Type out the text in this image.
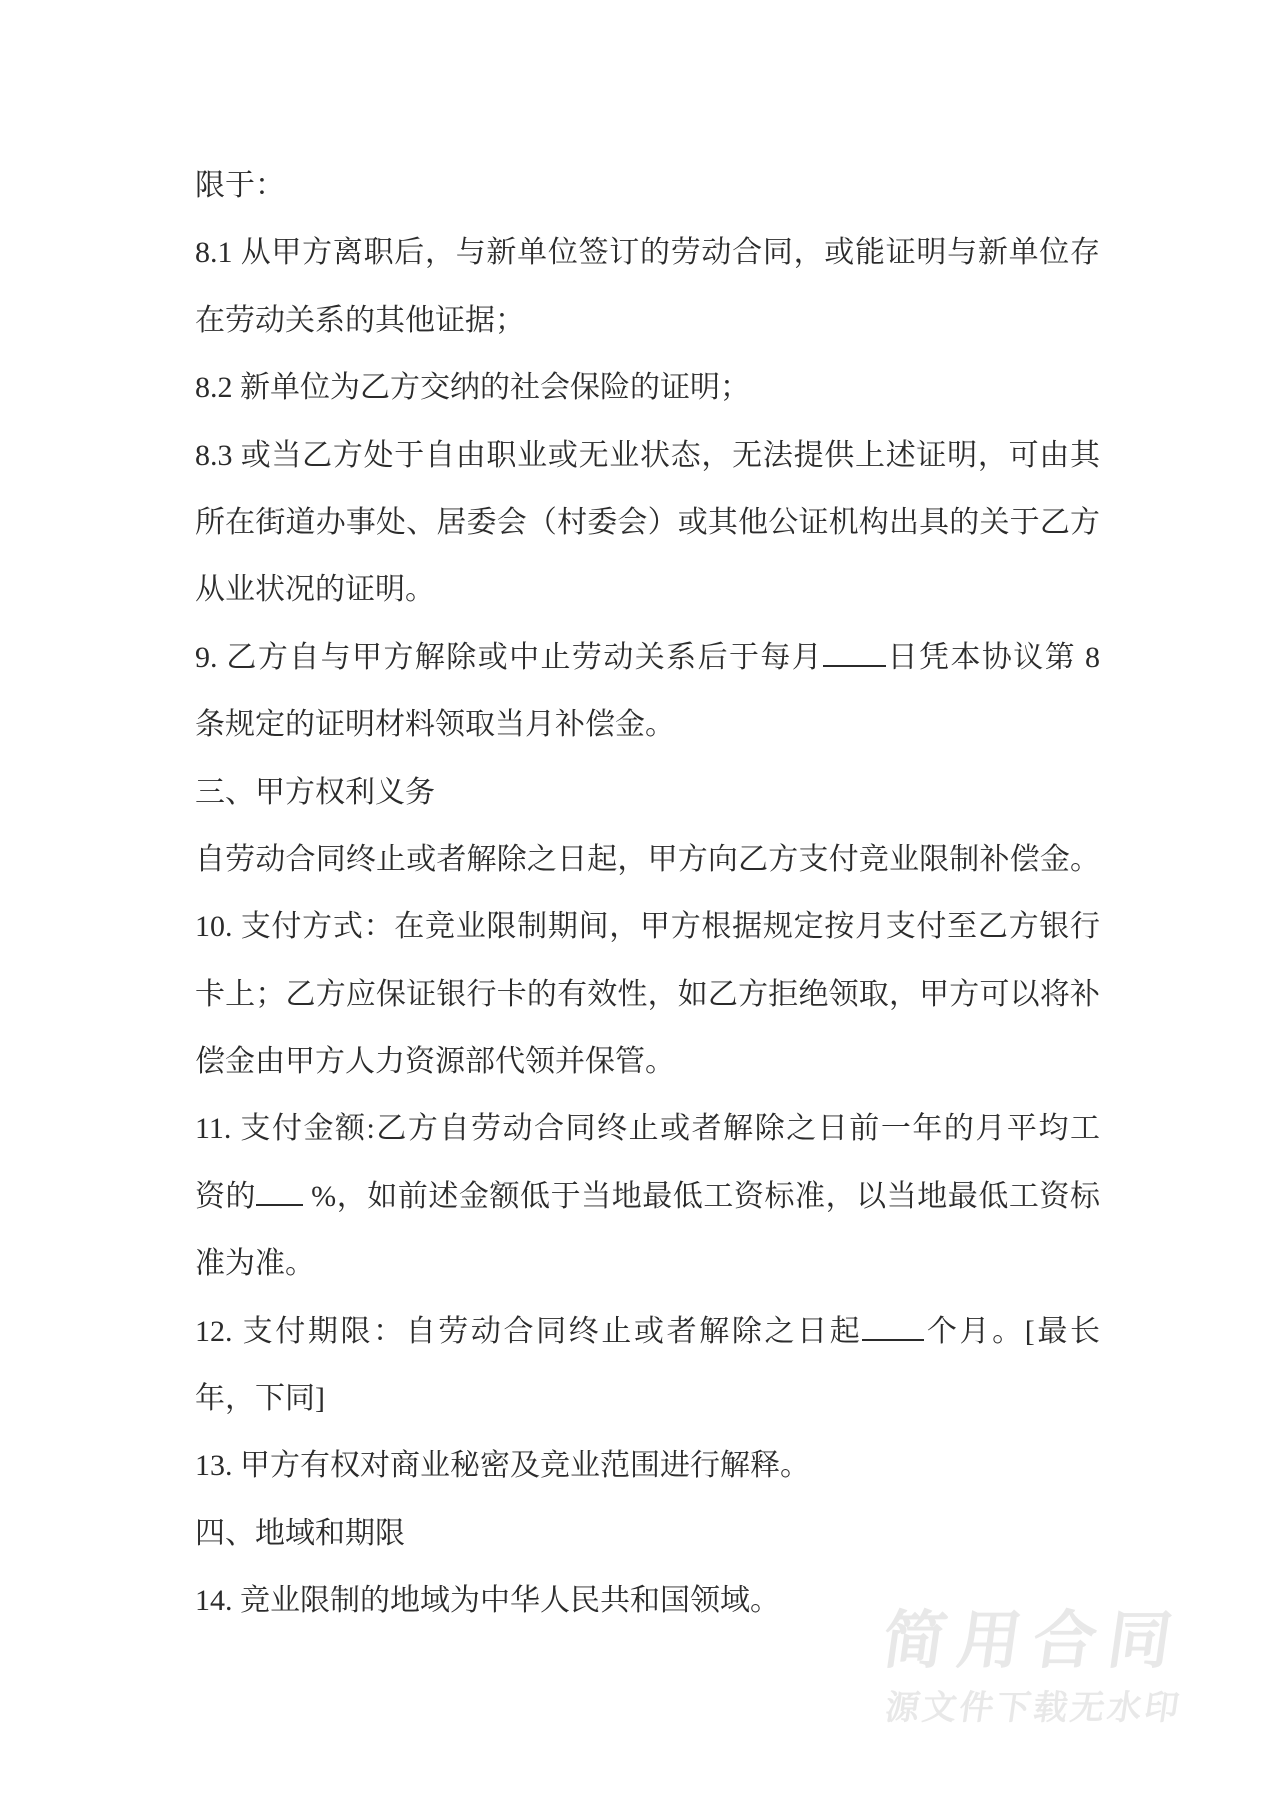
限于：
8.1 从甲方离职后，与新单位签订的劳动合同，或能证明与新单位存
在劳动关系的其他证据；
8.2 新单位为乙方交纳的社会保险的证明；
8.3 或当乙方处于自由职业或无业状态，无法提供上述证明，可由其
所在街道办事处、居委会（村委会）或其他公证机构出具的关于乙方
从业状况的证明。
9. 乙方自与甲方解除或中止劳动关系后于每月 日凭本协议第 8
条规定的证明材料领取当月补偿金。
三、甲方权利义务
自劳动合同终止或者解除之日起，甲方向乙方支付竞业限制补偿金。
10. 支付方式：在竞业限制期间，甲方根据规定按月支付至乙方银行
卡上；乙方应保证银行卡的有效性，如乙方拒绝领取，甲方可以将补
偿金由甲方人力资源部代领并保管。
11. 支付金额:乙方自劳动合同终止或者解除之日前一年的月平均工
资的 %，如前述金额低于当地最低工资标准，以当地最低工资标
准为准。
12. 支付期限：自劳动合同终止或者解除之日起 个月。[最长
年，下同]
13. 甲方有权对商业秘密及竞业范围进行解释。
四、地域和期限
14. 竞业限制的地域为中华人民共和国领域。
简用合同
源文件下载无水印
